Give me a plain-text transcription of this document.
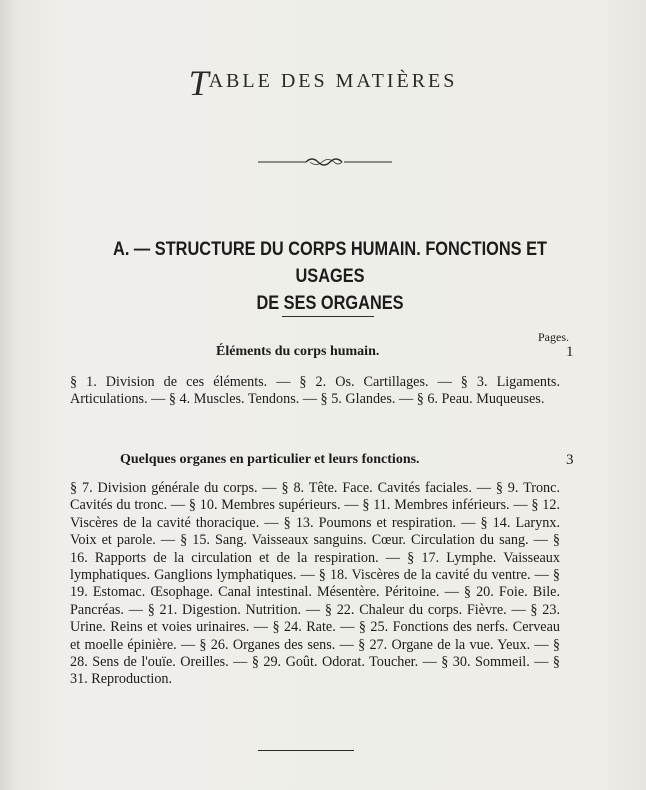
TABLE DES MATIÈRES
A. — STRUCTURE DU CORPS HUMAIN. FONCTIONS ET USAGES
DE SES ORGANES
Pages.
Éléments du corps humain.	1

§ 1. Division de ces éléments. — § 2. Os. Cartillages. — § 3. Ligaments. Articulations. — § 4. Muscles. Tendons. — § 5. Glandes. — § 6. Peau. Muqueuses.

Quelques organes en particulier et leurs fonctions.	3

§ 7. Division générale du corps. — § 8. Tête. Face. Cavités faciales. — § 9. Tronc. Cavités du tronc. — § 10. Membres supérieurs. — § 11. Membres inférieurs. — § 12. Viscères de la cavité thoracique. — § 13. Poumons et respiration. — § 14. Larynx. Voix et parole. — § 15. Sang. Vaisseaux sanguins. Cœur. Circulation du sang. — § 16. Rapports de la circulation et de la respiration. — § 17. Lymphe. Vaisseaux lymphatiques. Ganglions lymphatiques. — § 18. Viscères de la cavité du ventre. — § 19. Estomac. Œsophage. Canal intestinal. Mésentère. Péritoine. — § 20. Foie. Bile. Pancréas. — § 21. Digestion. Nutrition. — § 22. Chaleur du corps. Fièvre. — § 23. Urine. Reins et voies urinaires. — § 24. Rate. — § 25. Fonctions des nerfs. Cerveau et moelle épinière. — § 26. Organes des sens. — § 27. Organe de la vue. Yeux. — § 28. Sens de l'ouïe. Oreilles. — § 29. Goût. Odorat. Toucher. — § 30. Sommeil. — § 31. Reproduction.
